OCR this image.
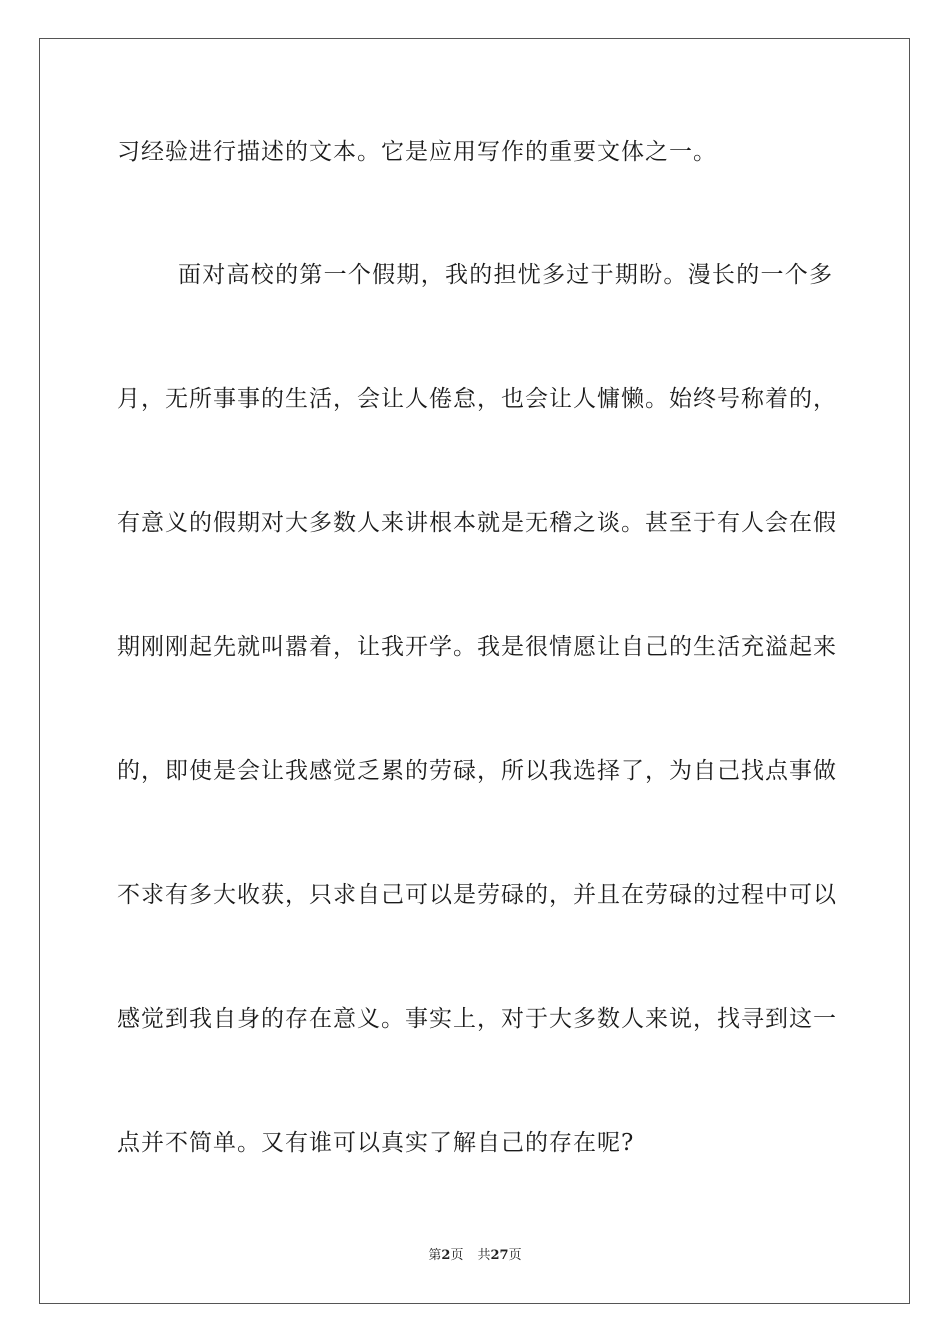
习经验进行描述的文本。它是应用写作的重要文体之一。
面对高校的第一个假期，我的担忧多过于期盼。漫长的一个多
月，无所事事的生活，会让人倦怠，也会让人慵懒。始终号称着的，
有意义的假期对大多数人来讲根本就是无稽之谈。甚至于有人会在假
期刚刚起先就叫嚣着，让我开学。我是很情愿让自己的生活充溢起来
的，即使是会让我感觉乏累的劳碌，所以我选择了，为自己找点事做
不求有多大收获，只求自己可以是劳碌的，并且在劳碌的过程中可以
感觉到我自身的存在意义。事实上，对于大多数人来说，找寻到这一
点并不简单。又有谁可以真实了解自己的存在呢?
第2页 共27页
